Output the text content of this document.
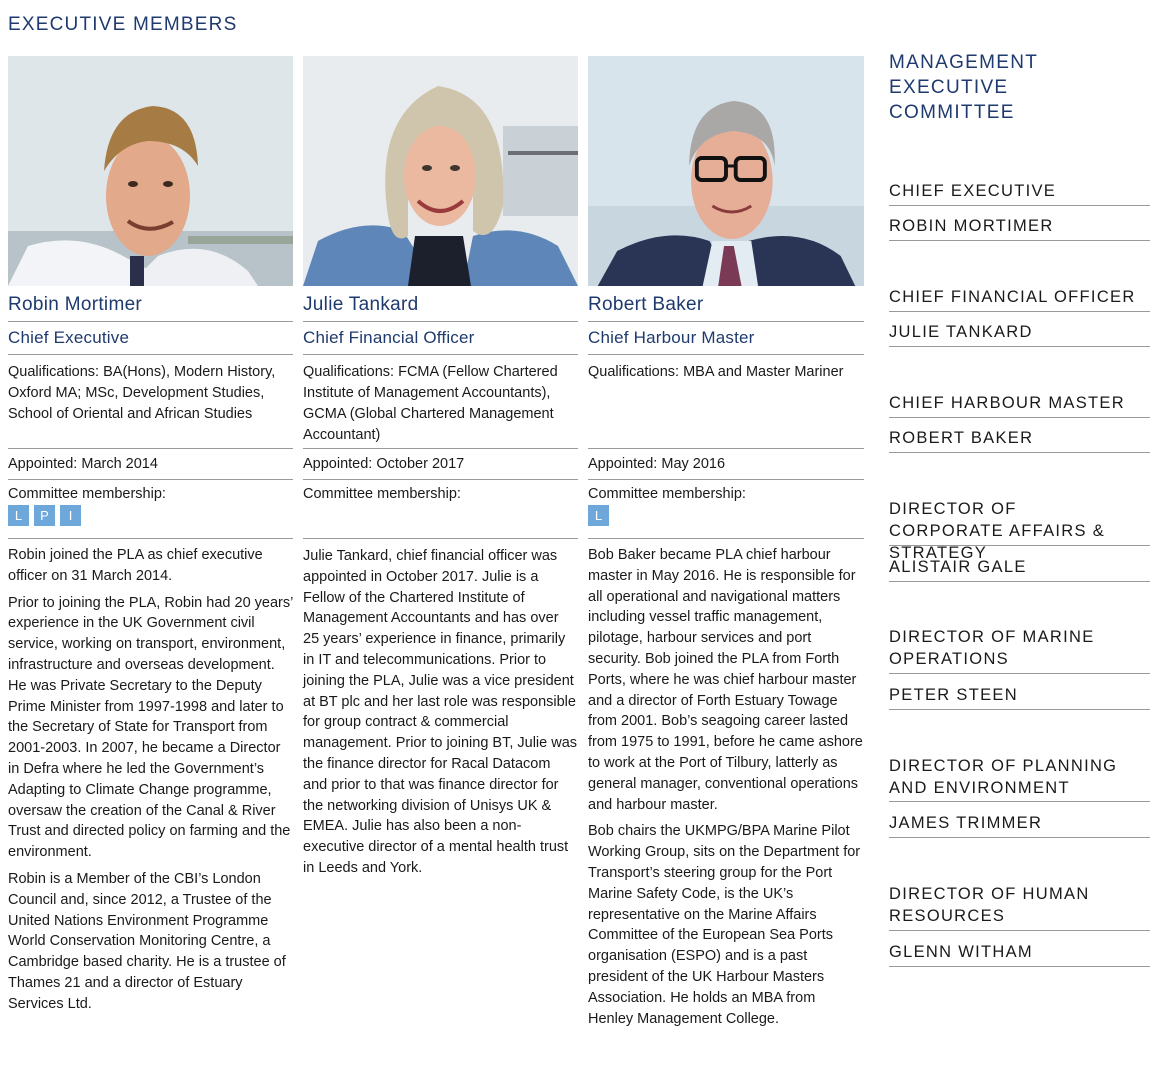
EXECUTIVE MEMBERS
Robin Mortimer
Chief Executive
Qualifications: BA(Hons), Modern History, Oxford MA; MSc, Development Studies, School of Oriental and African Studies
Appointed: March 2014
Committee membership:
L	P	I

Robin joined the PLA as chief executive officer on 31 March 2014.

Prior to joining the PLA, Robin had 20 years’ experience in the UK Government civil service, working on transport, environment, infrastructure and overseas development. He was Private Secretary to the Deputy Prime Minister from 1997-1998 and later to the Secretary of State for Transport from 2001-2003. In 2007, he became a Director in Defra where he led the Government’s Adapting to Climate Change programme, oversaw the creation of the Canal & River Trust and directed policy on farming and the environment.

Robin is a Member of the CBI’s London Council and, since 2012, a Trustee of the United Nations Environment Programme World Conservation Monitoring Centre, a Cambridge based charity. He is a trustee of Thames 21 and a director of Estuary Services Ltd.

Julie Tankard
Chief Financial Officer
Qualifications: FCMA (Fellow Chartered Institute of Management Accountants), GCMA (Global Chartered Management Accountant)
Appointed: October 2017
Committee membership:

Julie Tankard, chief financial officer was appointed in October 2017. Julie is a Fellow of the Chartered Institute of Management Accountants and has over 25 years’ experience in finance, primarily in IT and telecommunications. Prior to joining the PLA, Julie was a vice president at BT plc and her last role was responsible for group contract & commercial management. Prior to joining BT, Julie was the finance director for Racal Datacom and prior to that was finance director for the networking division of Unisys UK & EMEA. Julie has also been a non-executive director of a mental health trust in Leeds and York.

Robert Baker
Chief Harbour Master
Qualifications: MBA and Master Mariner
Appointed: May 2016
Committee membership:
L

Bob Baker became PLA chief harbour master in May 2016. He is responsible for all operational and navigational matters including vessel traffic management, pilotage, harbour services and port security. Bob joined the PLA from Forth Ports, where he was chief harbour master and a director of Forth Estuary Towage from 2001. Bob’s seagoing career lasted from 1975 to 1991, before he came ashore to work at the Port of Tilbury, latterly as general manager, conventional operations and harbour master.

Bob chairs the UKMPG/BPA Marine Pilot Working Group, sits on the Department for Transport’s steering group for the Port Marine Safety Code, is the UK’s representative on the Marine Affairs Committee of the European Sea Ports organisation (ESPO) and is a past president of the UK Harbour Masters Association. He holds an MBA from Henley Management College.

MANAGEMENT EXECUTIVE COMMITTEE
CHIEF EXECUTIVE
ROBIN MORTIMER
CHIEF FINANCIAL OFFICER
JULIE TANKARD
CHIEF HARBOUR MASTER
ROBERT BAKER
DIRECTOR OF CORPORATE AFFAIRS & STRATEGY
ALISTAIR GALE
DIRECTOR OF MARINE OPERATIONS
PETER STEEN
DIRECTOR OF PLANNING AND ENVIRONMENT
JAMES TRIMMER
DIRECTOR OF HUMAN RESOURCES
GLENN WITHAM
